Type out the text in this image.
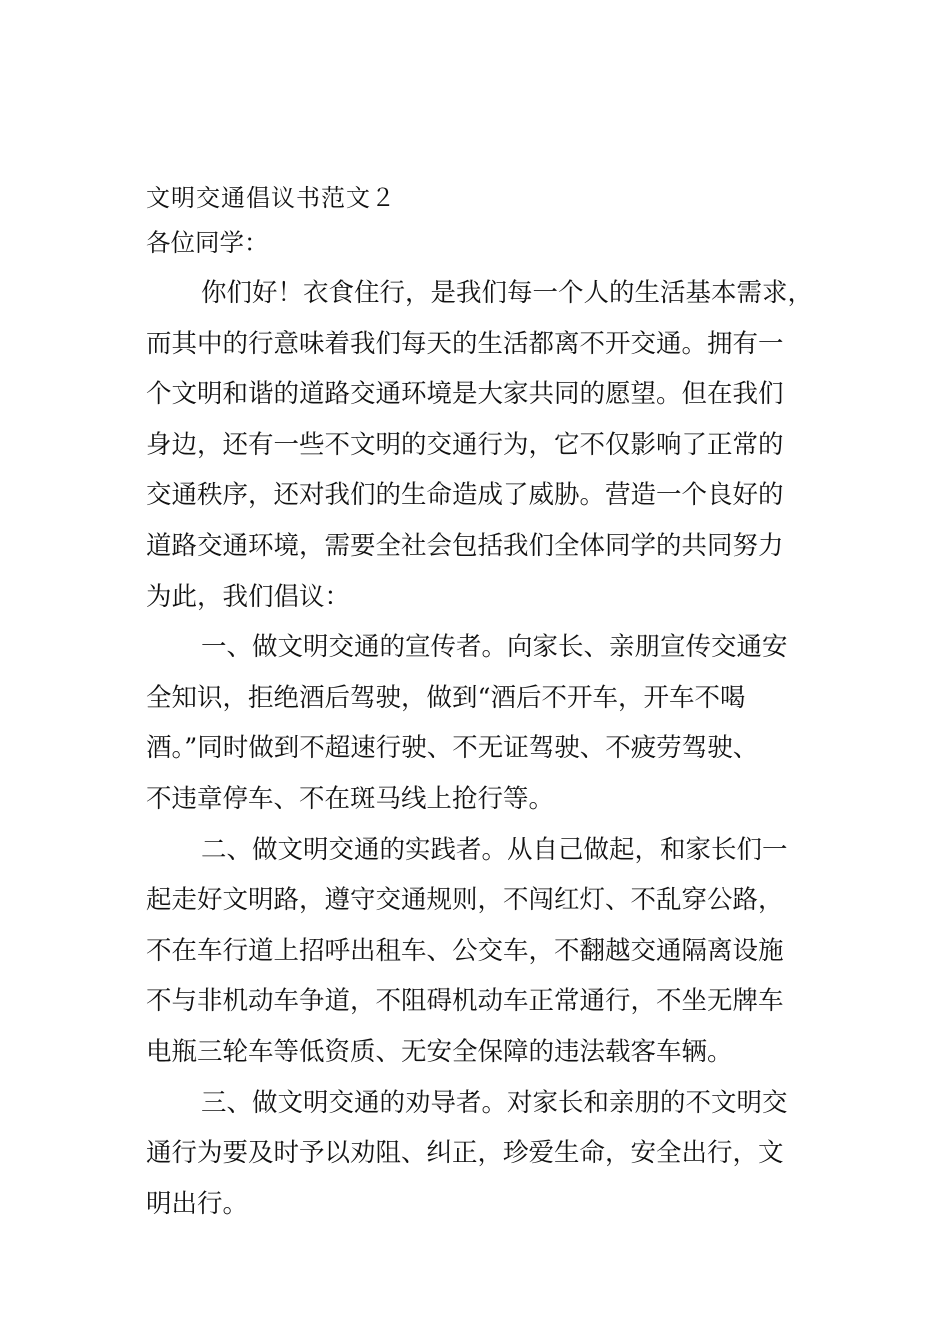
文明交通倡议书范文２

各位同学：

你们好！衣食住行，是我们每一个人的生活基本需求，
而其中的行意味着我们每天的生活都离不开交通。拥有一
个文明和谐的道路交通环境是大家共同的愿望。但在我们
身边，还有一些不文明的交通行为，它不仅影响了正常的
交通秩序，还对我们的生命造成了威胁。营造一个良好的
道路交通环境，需要全社会包括我们全体同学的共同努力
为此，我们倡议：

一、做文明交通的宣传者。向家长、亲朋宣传交通安
全知识，拒绝酒后驾驶，做到“酒后不开车，开车不喝
酒。”同时做到不超速行驶、不无证驾驶、不疲劳驾驶、
不违章停车、不在斑马线上抢行等。

二、做文明交通的实践者。从自己做起，和家长们一
起走好文明路，遵守交通规则，不闯红灯、不乱穿公路，
不在车行道上招呼出租车、公交车，不翻越交通隔离设施
不与非机动车争道，不阻碍机动车正常通行，不坐无牌车
电瓶三轮车等低资质、无安全保障的违法载客车辆。

三、做文明交通的劝导者。对家长和亲朋的不文明交
通行为要及时予以劝阻、纠正，珍爱生命，安全出行，文
明出行。
